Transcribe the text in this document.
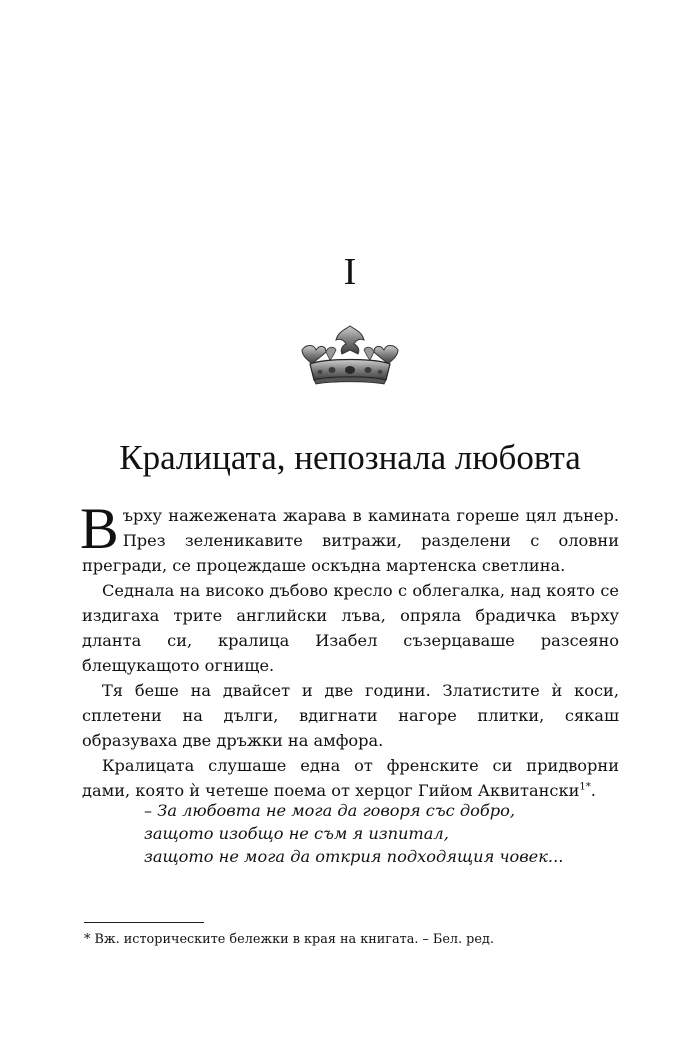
I
Кралицата, непознала любовта

Върху нажежената жарава в камината гореше цял дънер. През зеленикавите витражи, разделени с оловни прегради, се процеждаше оскъдна мартенска светлина.

Седнала на високо дъбово кресло с облегалка, над която се издигаха трите английски лъва, опряла брадичка върху дланта си, кралица Изабел съзерцаваше разсеяно блещукащото огнище.

Тя беше на двайсет и две години. Златистите ѝ коси, сплетени на дълги, вдигнати нагоре плитки, сякаш образуваха две дръжки на амфора.

Кралицата слушаше една от френските си придворни дами, която ѝ четеше поема от херцог Гийом Аквитански$^{1*}$.

– За любовта не мога да говоря със добро,
защото изобщо не съм я изпитал,
защото не мога да открия подходящия човек...
* Вж. историческите бележки в края на книгата. – Бел. ред.
